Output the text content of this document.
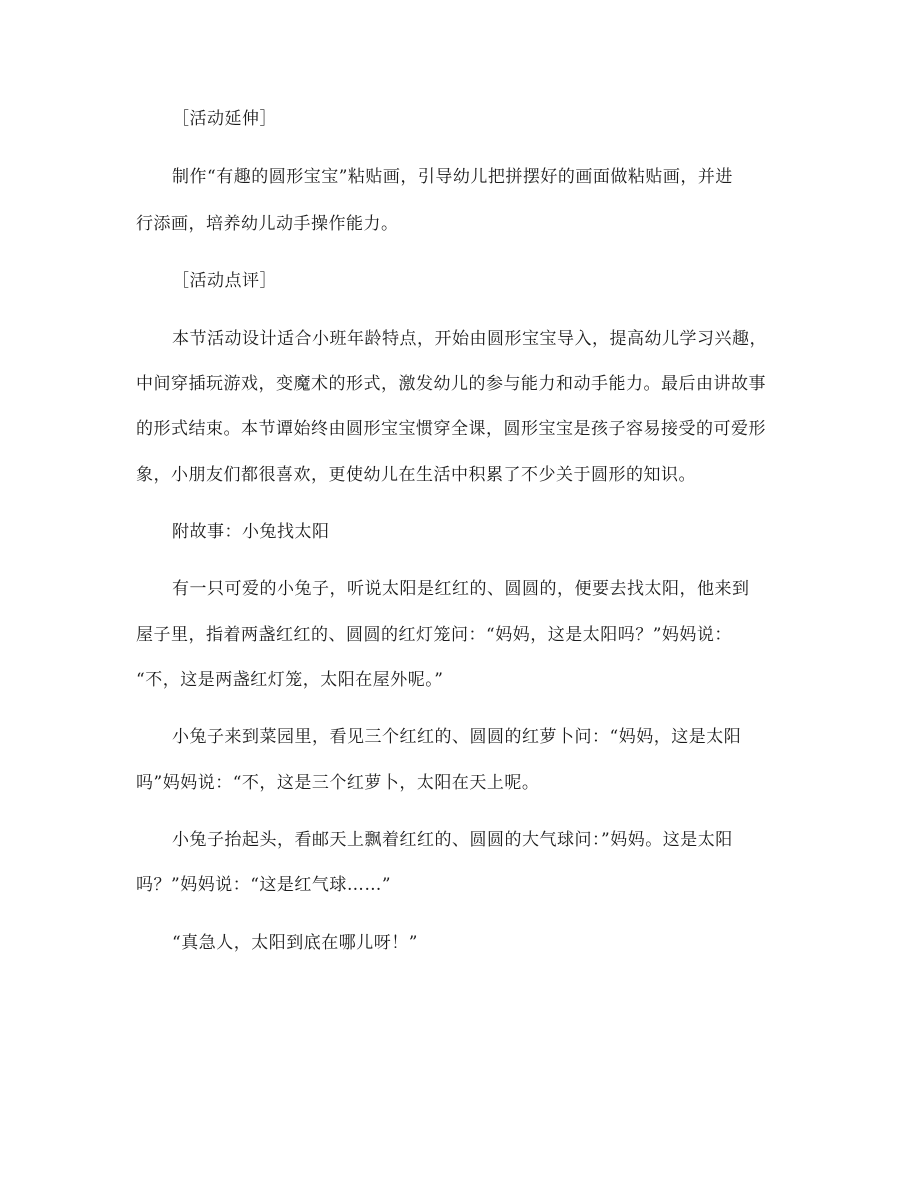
［活动延伸］
制作“有趣的圆形宝宝”粘贴画，引导幼儿把拼摆好的画面做粘贴画，并进
行添画，培养幼儿动手操作能力。
［活动点评］
本节活动设计适合小班年龄特点，开始由圆形宝宝导入，提高幼儿学习兴趣，
中间穿插玩游戏，变魔术的形式，激发幼儿的参与能力和动手能力。最后由讲故事
的形式结束。本节谭始终由圆形宝宝惯穿全课，圆形宝宝是孩子容易接受的可爱形
象，小朋友们都很喜欢，更使幼儿在生活中积累了不少关于圆形的知识。
附故事：小兔找太阳
有一只可爱的小兔子，听说太阳是红红的、圆圆的，便要去找太阳，他来到
屋子里，指着两盏红红的、圆圆的红灯笼问：“妈妈，这是太阳吗？”妈妈说：
“不，这是两盏红灯笼，太阳在屋外呢。”
小兔子来到菜园里，看见三个红红的、圆圆的红萝卜问：“妈妈，这是太阳
吗”妈妈说：“不，这是三个红萝卜，太阳在天上呢。
小兔子抬起头，看邮天上飘着红红的、圆圆的大气球问：”妈妈。这是太阳
吗？”妈妈说：“这是红气球……”
“真急人，太阳到底在哪儿呀！”
